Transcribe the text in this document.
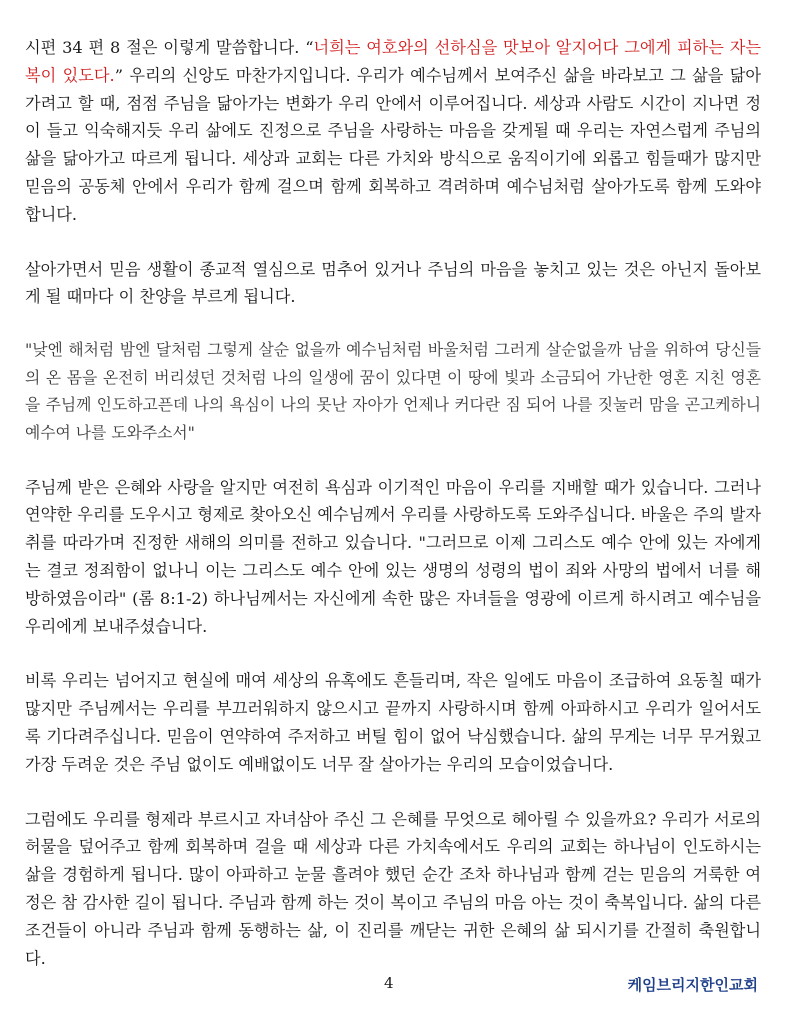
시편 34 편 8 절은 이렇게 말씀합니다. “너희는 여호와의 선하심을 맛보아 알지어다 그에게 피하는 자는 복이 있도다.” 우리의 신앙도 마찬가지입니다. 우리가 예수님께서 보여주신 삶을 바라보고 그 삶을 닮아가려고 할 때, 점점 주님을 닮아가는 변화가 우리 안에서 이루어집니다. 세상과 사람도 시간이 지나면 정이 들고 익숙해지듯 우리 삶에도 진정으로 주님을 사랑하는 마음을 갖게될 때 우리는 자연스럽게 주님의 삶을 닮아가고 따르게 됩니다. 세상과 교회는 다른 가치와 방식으로 움직이기에 외롭고 힘들때가 많지만 믿음의 공동체 안에서 우리가 함께 걸으며 함께 회복하고 격려하며 예수님처럼 살아가도록 함께 도와야 합니다.

살아가면서 믿음 생활이 종교적 열심으로 멈추어 있거나 주님의 마음을 놓치고 있는 것은 아닌지 돌아보게 될 때마다 이 찬양을 부르게 됩니다.

"낮엔 해처럼 밤엔 달처럼 그렇게 살순 없을까 예수님처럼 바울처럼 그러게 살순없을까 남을 위하여 당신들의 온 몸을 온전히 버리셨던 것처럼 나의 일생에 꿈이 있다면 이 땅에 빛과 소금되어 가난한 영혼 지친 영혼을 주님께 인도하고픈데 나의 욕심이 나의 못난 자아가 언제나 커다란 짐 되어 나를 짓눌러 맘을 곤고케하니 예수여 나를 도와주소서"

주님께 받은 은혜와 사랑을 알지만 여전히 욕심과 이기적인 마음이 우리를 지배할 때가 있습니다. 그러나 연약한 우리를 도우시고 형제로 찾아오신 예수님께서 우리를 사랑하도록 도와주십니다. 바울은 주의 발자취를 따라가며 진정한 새해의 의미를 전하고 있습니다. "그러므로 이제 그리스도 예수 안에 있는 자에게는 결코 정죄함이 없나니 이는 그리스도 예수 안에 있는 생명의 성령의 법이 죄와 사망의 법에서 너를 해방하였음이라" (롬 8:1-2) 하나님께서는 자신에게 속한 많은 자녀들을 영광에 이르게 하시려고 예수님을 우리에게 보내주셨습니다.

비록 우리는 넘어지고 현실에 매여 세상의 유혹에도 흔들리며, 작은 일에도 마음이 조급하여 요동칠 때가 많지만 주님께서는 우리를 부끄러워하지 않으시고 끝까지 사랑하시며 함께 아파하시고 우리가 일어서도록 기다려주십니다. 믿음이 연약하여 주저하고 버틸 힘이 없어 낙심했습니다. 삶의 무게는 너무 무거웠고 가장 두려운 것은 주님 없이도 예배없이도 너무 잘 살아가는 우리의 모습이었습니다.

그럼에도 우리를 형제라 부르시고 자녀삼아 주신 그 은혜를 무엇으로 헤아릴 수 있을까요? 우리가 서로의 허물을 덮어주고 함께 회복하며 걸을 때 세상과 다른 가치속에서도 우리의 교회는 하나님이 인도하시는 삶을 경험하게 됩니다. 많이 아파하고 눈물 흘려야 했던 순간 조차 하나님과 함께 걷는 믿음의 거룩한 여정은 참 감사한 길이 됩니다. 주님과 함께 하는 것이 복이고 주님의 마음 아는 것이 축복입니다. 삶의 다른 조건들이 아니라 주님과 함께 동행하는 삶, 이 진리를 깨닫는 귀한 은혜의 삶 되시기를 간절히 축원합니다.

4	케임브리지한인교회
